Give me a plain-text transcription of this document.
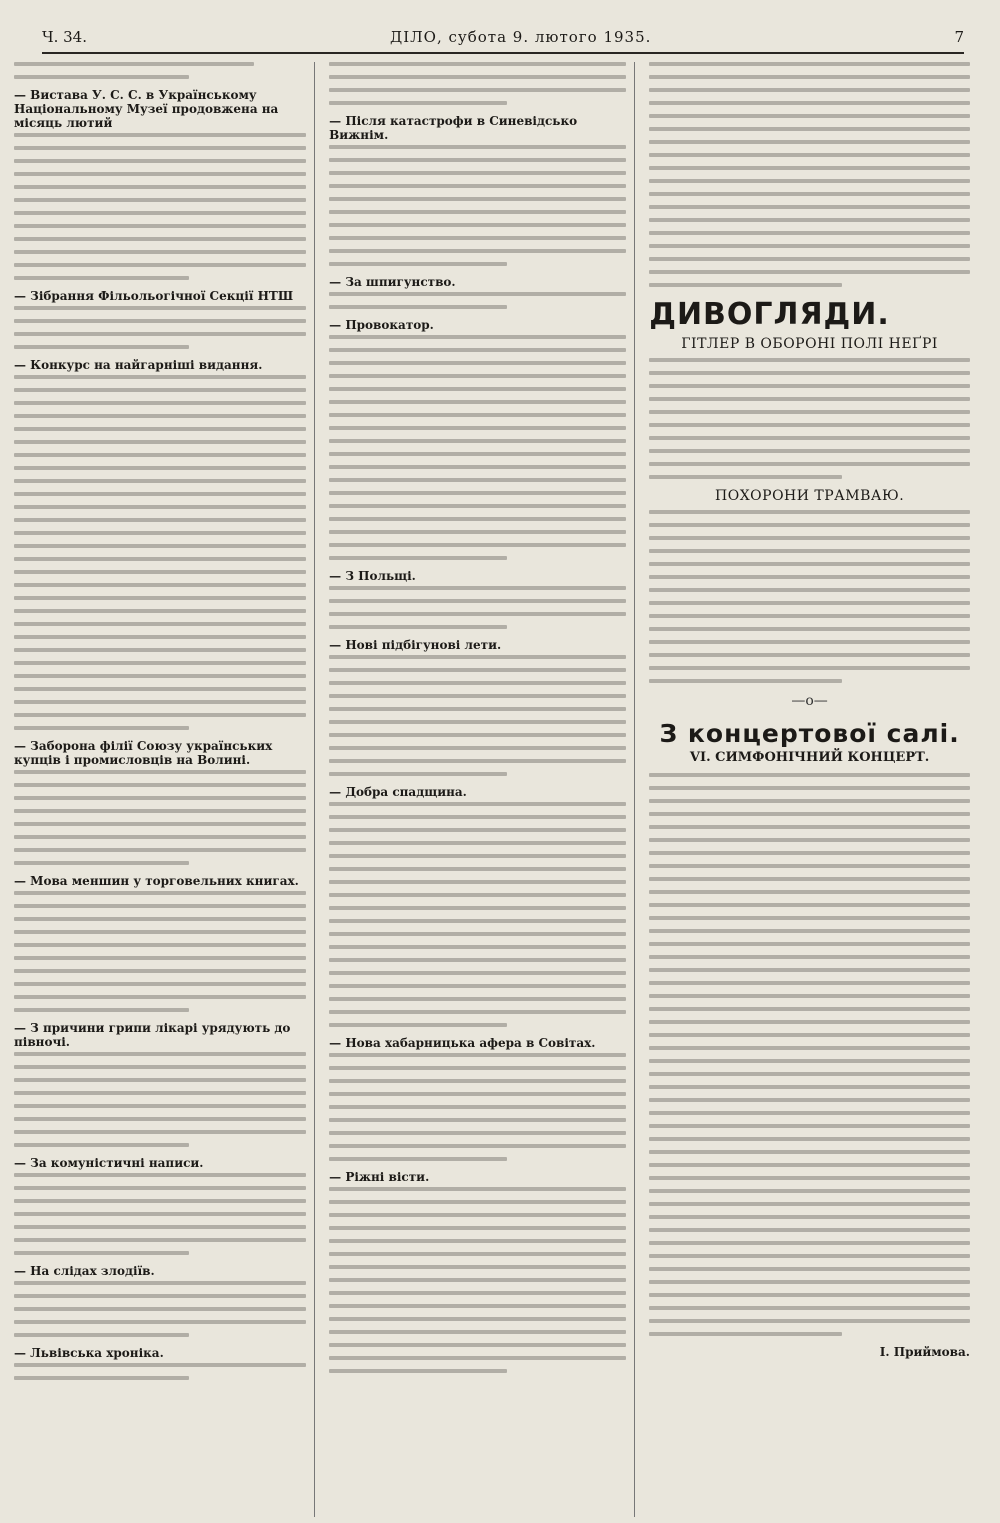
Ч. 34.	ДІЛО, субота 9. лютого 1935.	7
— Вистава У. С. С. в Українському Національному Музеї продовжена на місяць лютий
— Зібрання Фільольогічної Секції НТШ
— Конкурс на найгарніші видання.
— Заборона філії Союзу українських купців і промисловців на Волині.
— Мова меншин у торговельних книгах.
— З причини грипи лікарі урядують до півночі.
— За комуністичні написи.
— На слідах злодіїв.
— Львівська хроніка.
— Після катастрофи в Синевідсько Вижнім.
— За шпигунство.
— Провокатор.
— З Польщі.
— Нові підбігунові лети.
— Добра спадщина.
— Нова хабарницька афера в Совітах.
— Ріжні вісти.
ДИВОГЛЯДИ.
ГІТЛЕР В ОБОРОНІ ПОЛІ НЕҐРІ
ПОХОРОНИ ТРАМВАЮ.
—o—
З концертової салі.
VI. СИМФОНІЧНИЙ КОНЦЕРТ.
І. Приймова.
